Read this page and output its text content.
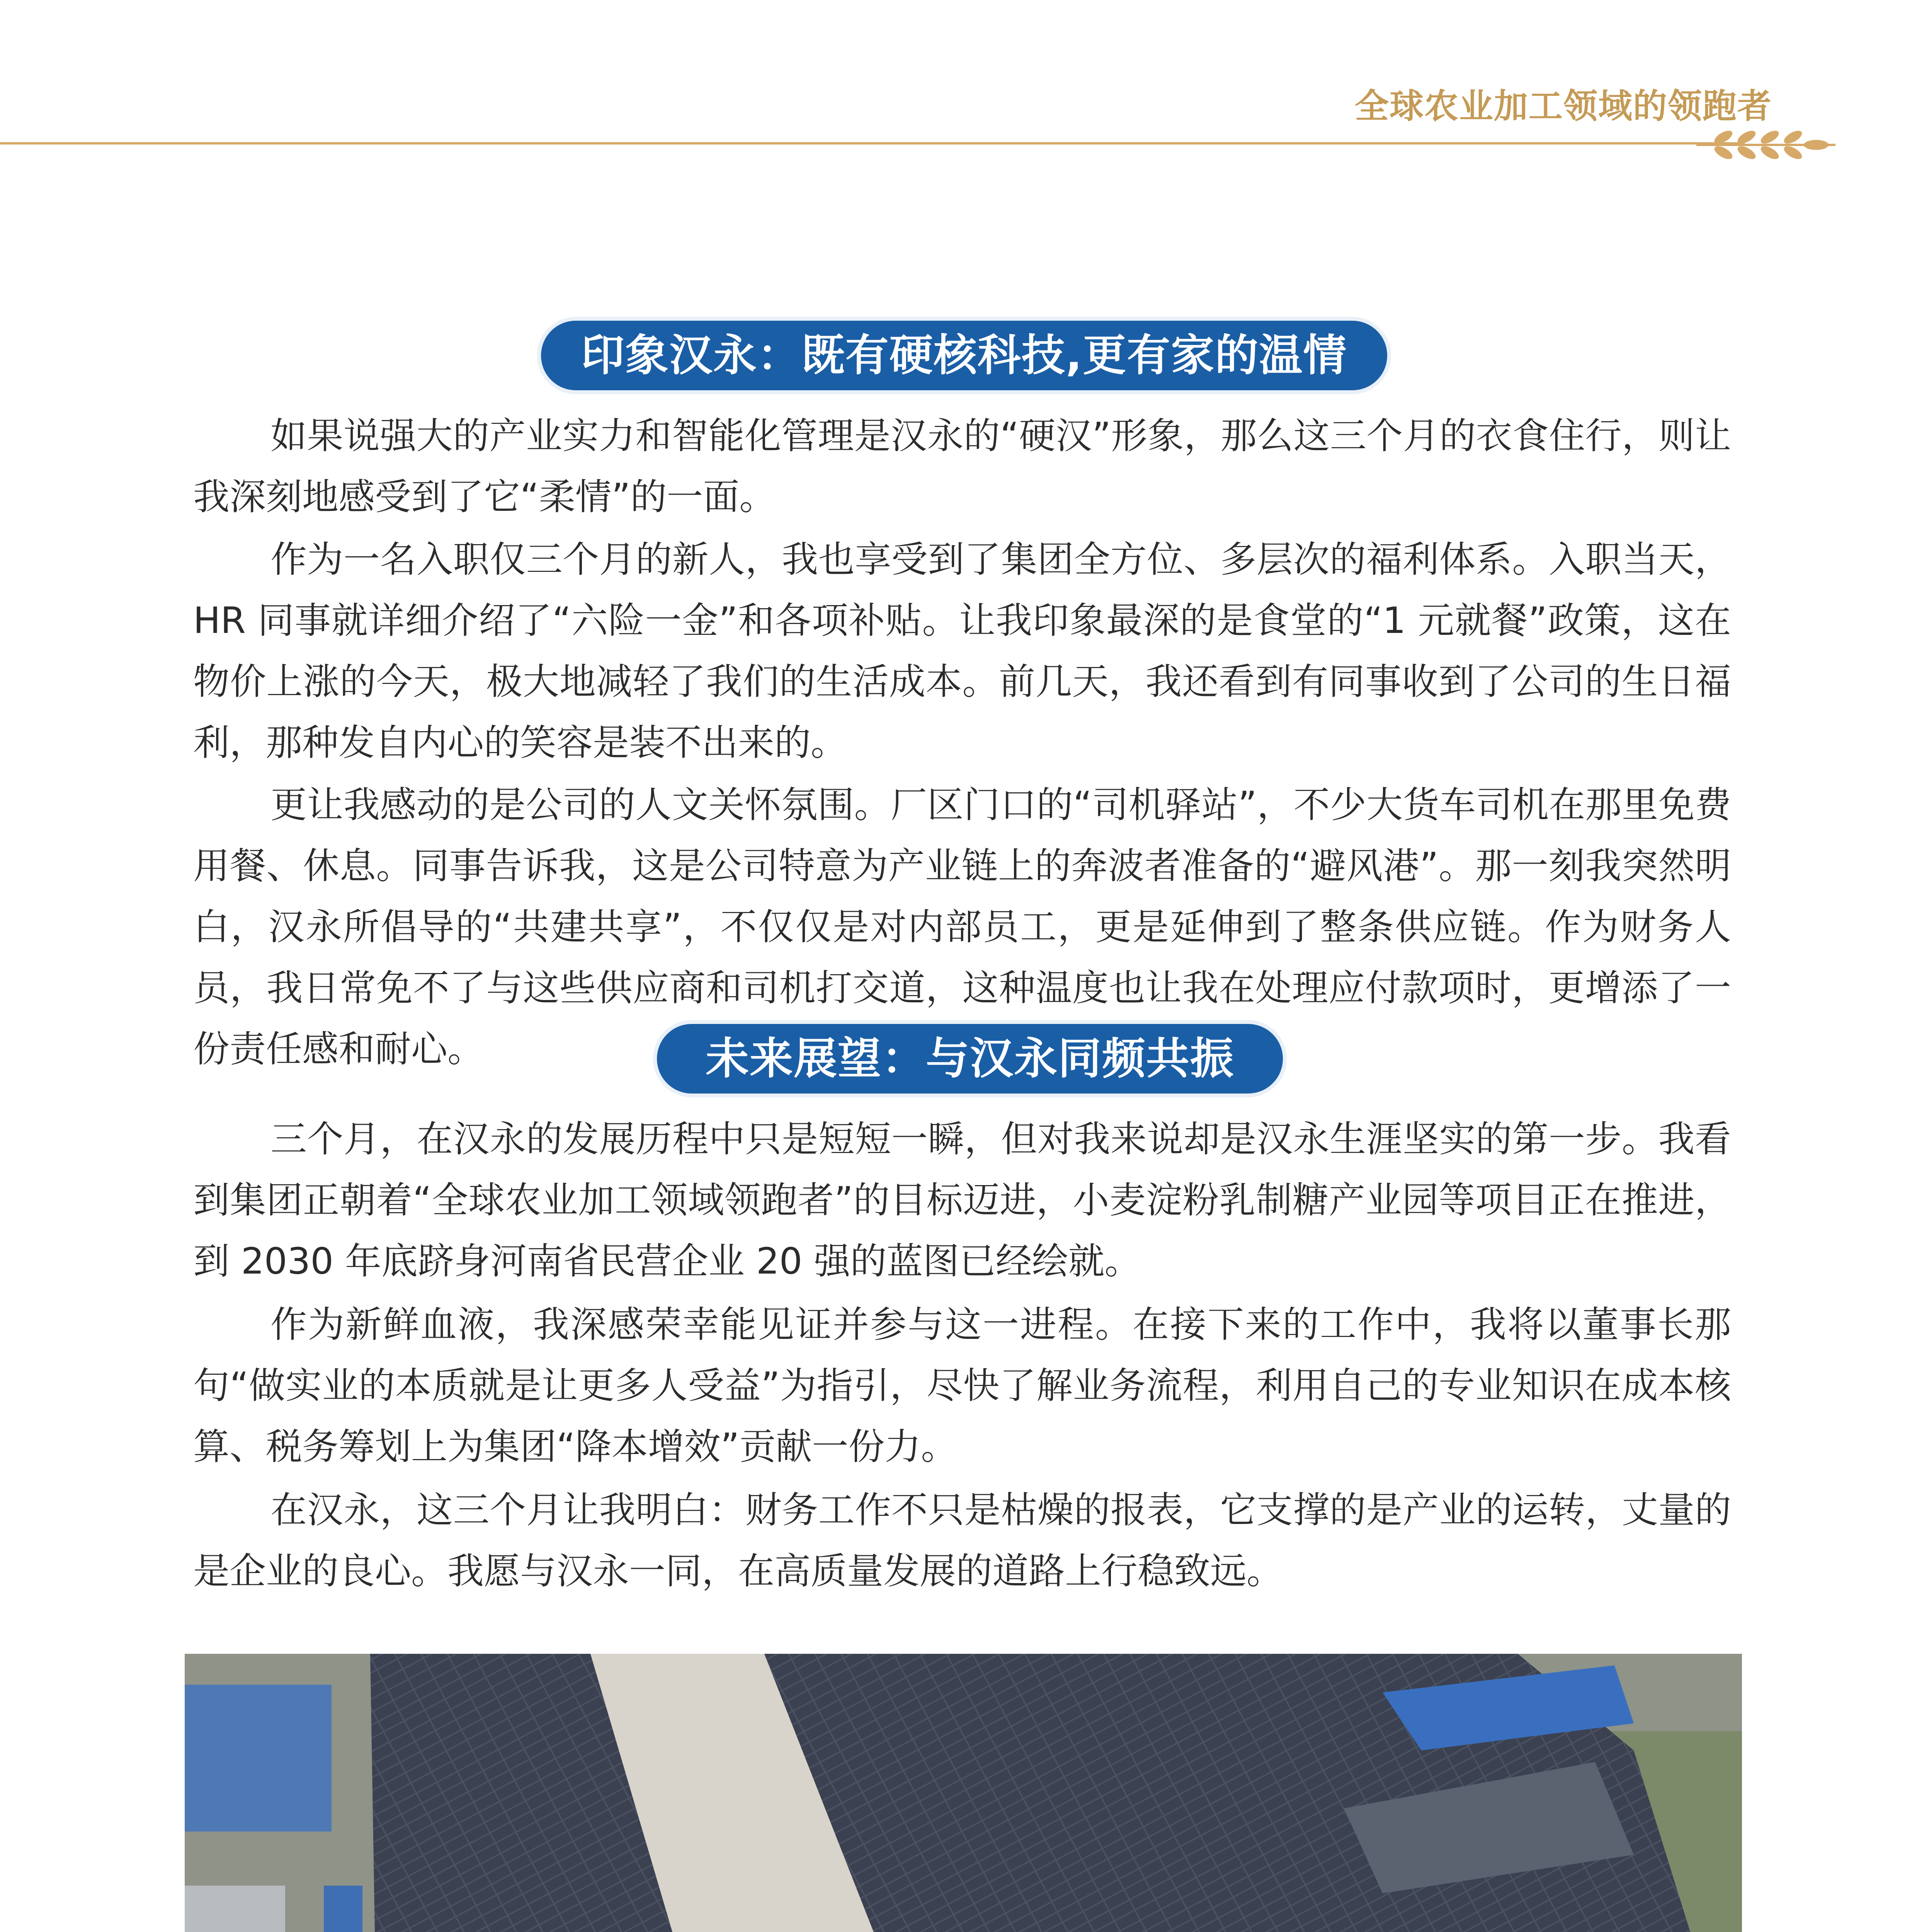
全球农业加工领域的领跑者
印象汉永：既有硬核科技,更有家的温情

如果说强大的产业实力和智能化管理是汉永的“硬汉”形象，那么这三个月的衣食住行，则让我深刻地感受到了它“柔情”的一面。

作为一名入职仅三个月的新人，我也享受到了集团全方位、多层次的福利体系。入职当天，HR 同事就详细介绍了“六险一金”和各项补贴。让我印象最深的是食堂的“1 元就餐”政策，这在物价上涨的今天，极大地减轻了我们的生活成本。前几天，我还看到有同事收到了公司的生日福利，那种发自内心的笑容是装不出来的。

更让我感动的是公司的人文关怀氛围。厂区门口的“司机驿站”，不少大货车司机在那里免费用餐、休息。同事告诉我，这是公司特意为产业链上的奔波者准备的“避风港”。那一刻我突然明白，汉永所倡导的“共建共享”，不仅仅是对内部员工，更是延伸到了整条供应链。作为财务人员，我日常免不了与这些供应商和司机打交道，这种温度也让我在处理应付款项时，更增添了一份责任感和耐心。	未来展望：与汉永同频共振

三个月，在汉永的发展历程中只是短短一瞬，但对我来说却是汉永生涯坚实的第一步。我看到集团正朝着“全球农业加工领域领跑者”的目标迈进，小麦淀粉乳制糖产业园等项目正在推进，到 2030 年底跻身河南省民营企业 20 强的蓝图已经绘就。

作为新鲜血液，我深感荣幸能见证并参与这一进程。在接下来的工作中，我将以董事长那句“做实业的本质就是让更多人受益”为指引，尽快了解业务流程，利用自己的专业知识在成本核算、税务筹划上为集团“降本增效”贡献一份力。

在汉永，这三个月让我明白：财务工作不只是枯燥的报表，它支撑的是产业的运转，丈量的是企业的良心。我愿与汉永一同，在高质量发展的道路上行稳致远。
